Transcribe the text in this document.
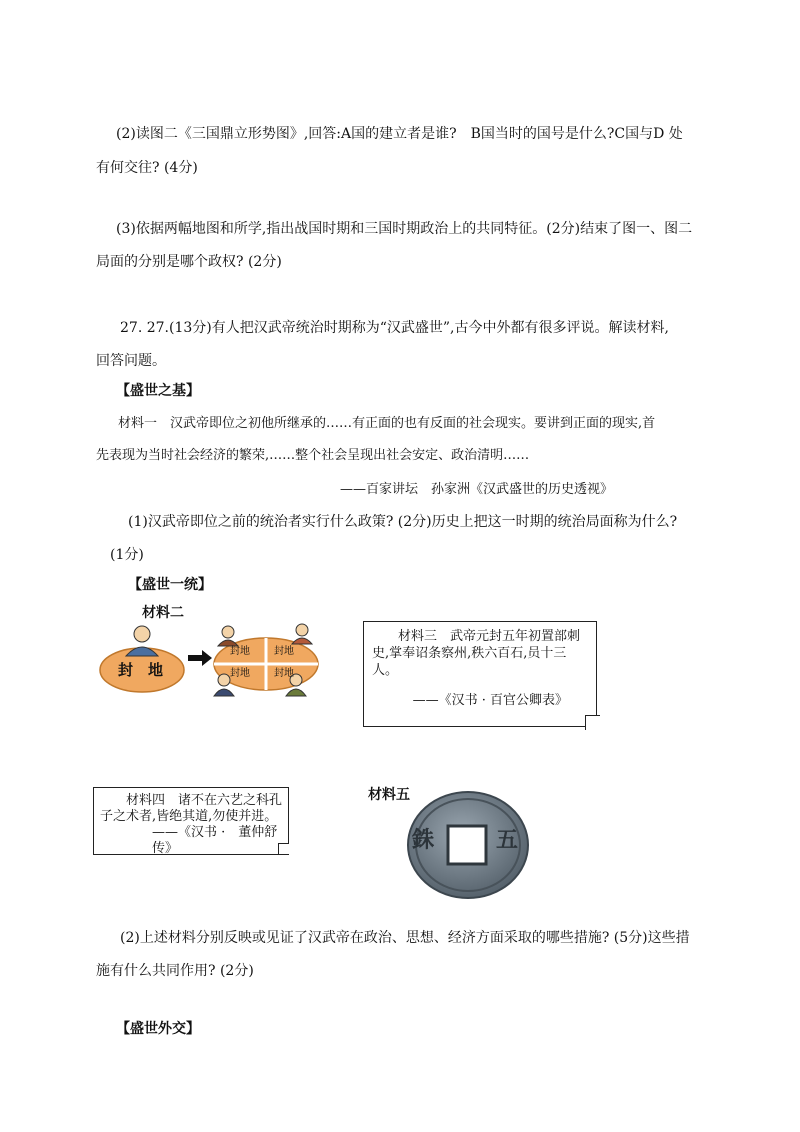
(2)读图二《三国鼎立形势图》,回答:A国的建立者是谁?　B国当时的国号是什么?C国与D 处
有何交往? (4分)
(3)依据两幅地图和所学,指出战国时期和三国时期政治上的共同特征。(2分)结束了图一、图二
局面的分别是哪个政权? (2分)
27. 27.(13分)有人把汉武帝统治时期称为“汉武盛世”,古今中外都有很多评说。解读材料,
回答问题。
【盛世之基】
材料一　汉武帝即位之初他所继承的……有正面的也有反面的社会现实。要讲到正面的现实,首
先表现为当时社会经济的繁荣,……整个社会呈现出社会安定、政治清明……
——百家讲坛　孙家洲《汉武盛世的历史透视》
(1)汉武帝即位之前的统治者实行什么政策? (2分)历史上把这一时期的统治局面称为什么?
(1分)
【盛世一统】
材料二
封　地
封地 封地
封地 封地
材料三　武帝元封五年初置部刺史,掌奉诏条察州,秩六百石,员十三人。
——《汉书 · 百官公卿表》
材料四　诸不在六艺之科孔子之术者,皆绝其道,勿使并进。
——《汉书 ·　董仲舒传》
材料五
銖	五
(2)上述材料分别反映或见证了汉武帝在政治、思想、经济方面采取的哪些措施? (5分)这些措
施有什么共同作用? (2分)
【盛世外交】
